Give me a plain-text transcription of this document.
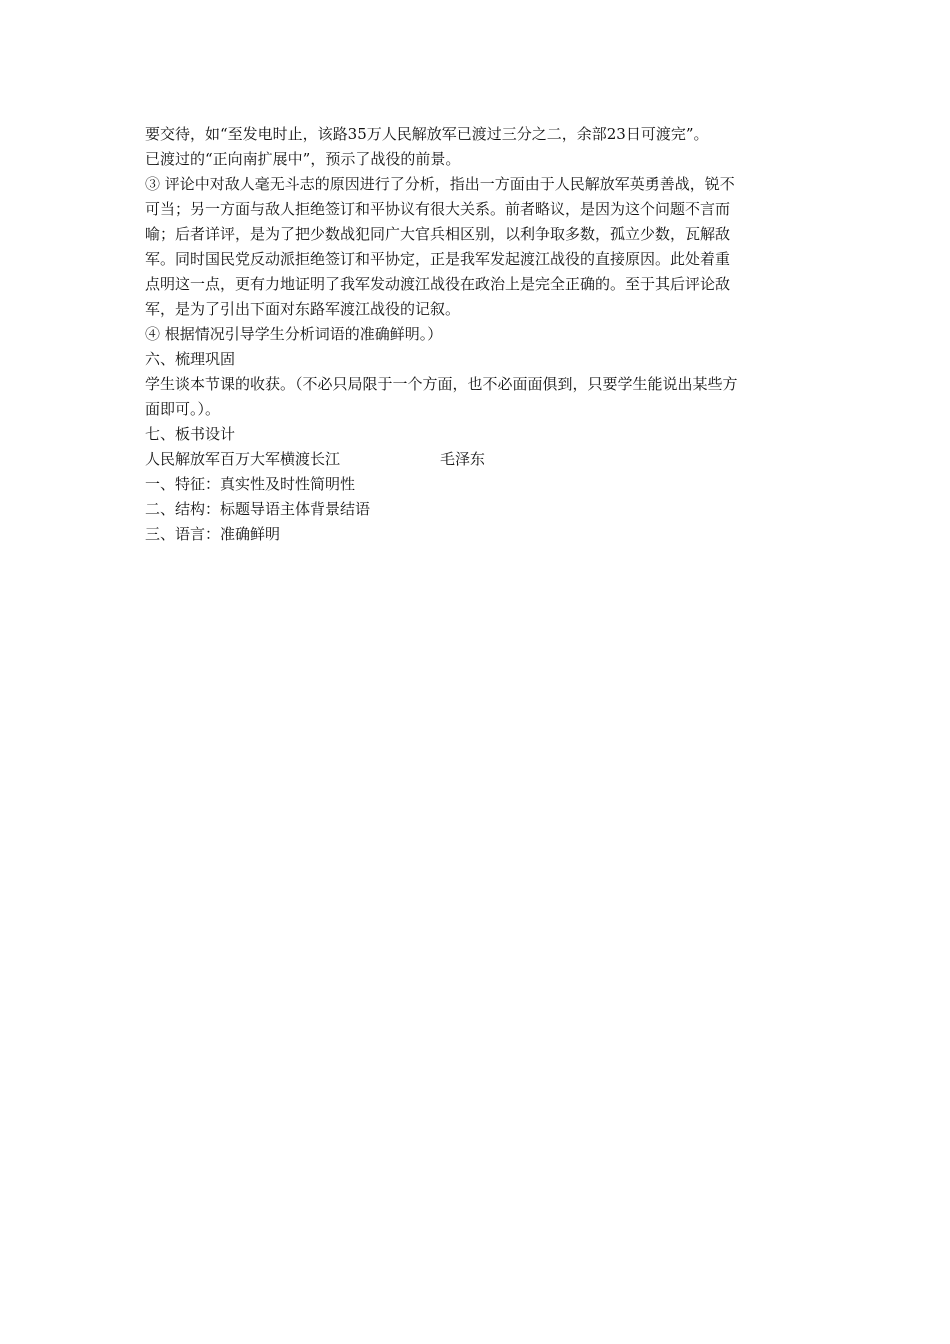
要交待，如“至发电时止，该路35万人民解放军已渡过三分之二，余部23日可渡完”。
已渡过的“正向南扩展中”，预示了战役的前景。
③ 评论中对敌人毫无斗志的原因进行了分析，指出一方面由于人民解放军英勇善战，锐不
可当；另一方面与敌人拒绝签订和平协议有很大关系。前者略议，是因为这个问题不言而
喻；后者详评，是为了把少数战犯同广大官兵相区别，以利争取多数，孤立少数，瓦解敌
军。同时国民党反动派拒绝签订和平协定，正是我军发起渡江战役的直接原因。此处着重
点明这一点，更有力地证明了我军发动渡江战役在政治上是完全正确的。至于其后评论敌
军，是为了引出下面对东路军渡江战役的记叙。
④ 根据情况引导学生分析词语的准确鲜明。）
六、梳理巩固
学生谈本节课的收获。（不必只局限于一个方面，也不必面面俱到，只要学生能说出某些方
面即可。）。
七、板书设计
人民解放军百万大军横渡长江	毛泽东
一、特征：真实性及时性简明性
二、结构：标题导语主体背景结语
三、语言：准确鲜明
